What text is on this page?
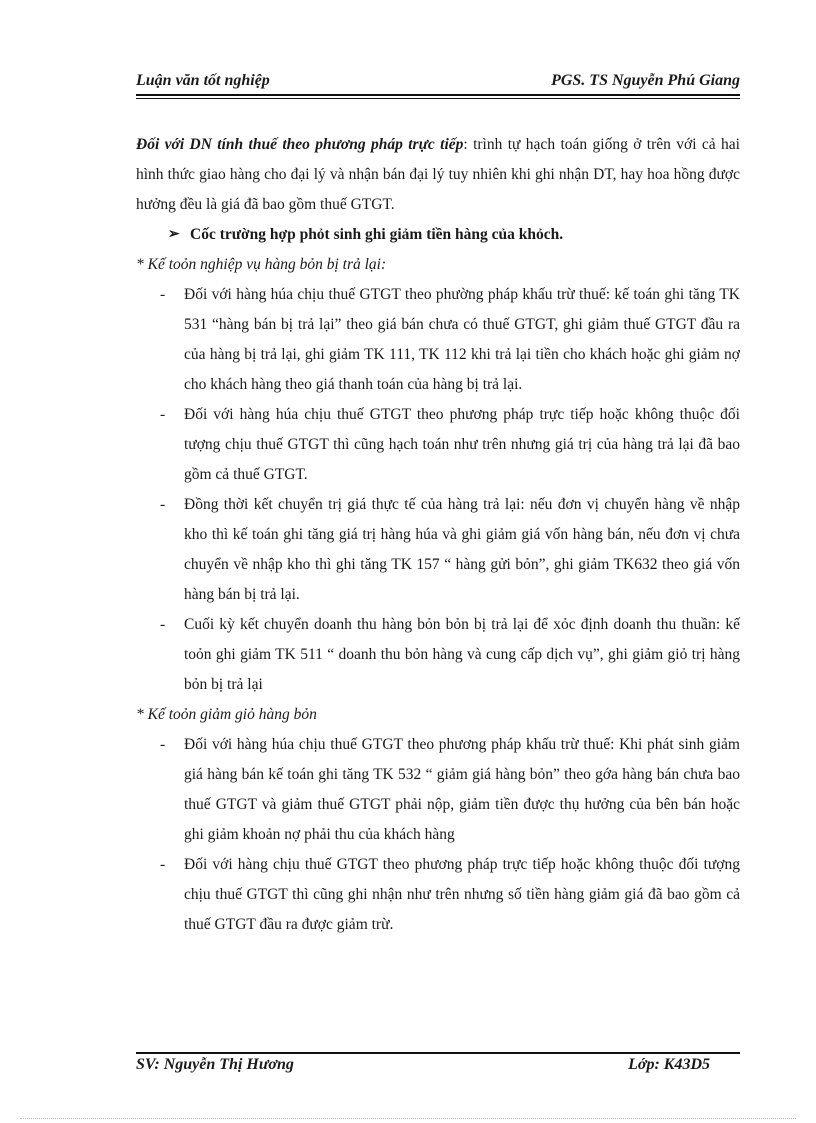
Luận văn tốt nghiệp	PGS. TS Nguyễn Phú Giang

Đối với DN tính thuế theo phương pháp trực tiếp: trình tự hạch toán giống ở trên với cả hai hình thức giao hàng cho đại lý và nhận bán đại lý tuy nhiên khi ghi nhận DT, hay hoa hồng được hưởng đều là giá đã bao gồm thuế GTGT.

➢ Cốc trường hợp phỏt sinh ghi giảm tiền hàng của khỏch.

* Kế toỏn nghiệp vụ hàng bỏn bị trả lại:

- Đối với hàng húa chịu thuế GTGT theo phường pháp khấu trừ thuế: kế toán ghi tăng TK 531 “hàng bán bị trả lại” theo giá bán chưa có thuế GTGT, ghi giảm thuế GTGT đầu ra của hàng bị trả lại, ghi giảm TK 111, TK 112 khi trả lại tiền cho khách hoặc ghi giảm nợ cho khách hàng theo giá thanh toán của hàng bị trả lại.
- Đối với hàng húa chịu thuế GTGT theo phương pháp trực tiếp hoặc không thuộc đối tượng chịu thuế GTGT thì cũng hạch toán như trên nhưng giá trị của hàng trả lại đã bao gồm cả thuế GTGT.
- Đồng thời kết chuyển trị giá thực tế của hàng trả lại: nếu đơn vị chuyển hàng về nhập kho thì kế toán ghi tăng giá trị hàng húa và ghi giảm giá vốn hàng bán, nếu đơn vị chưa chuyển về nhập kho thì ghi tăng TK 157 “ hàng gửi bỏn”, ghi giảm TK632 theo giá vốn hàng bán bị trả lại.
- Cuối kỳ kết chuyển doanh thu hàng bỏn bỏn bị trả lại để xỏc định doanh thu thuần: kế toỏn ghi giảm TK 511 “ doanh thu bỏn hàng và cung cấp dịch vụ”, ghi giảm giỏ trị hàng bỏn bị trả lại

* Kế toỏn giảm giỏ hàng bỏn

- Đối với hàng húa chịu thuế GTGT theo phương pháp khấu trừ thuế: Khi phát sinh giảm giá hàng bán kế toán ghi tăng TK 532 “ giảm giá hàng bỏn” theo gớa hàng bán chưa bao thuế GTGT và giảm thuế GTGT phải nộp, giảm tiền được thụ hưởng của bên bán hoặc ghi giảm khoản nợ phải thu của khách hàng
- Đối với hàng chịu thuế GTGT theo phương pháp trực tiếp hoặc không thuộc đối tượng chịu thuế GTGT thì cũng ghi nhận như trên nhưng số tiền hàng giảm giá đã bao gồm cả thuế GTGT đầu ra được giảm trừ.
SV: Nguyễn Thị Hương	Lớp: K43D5
